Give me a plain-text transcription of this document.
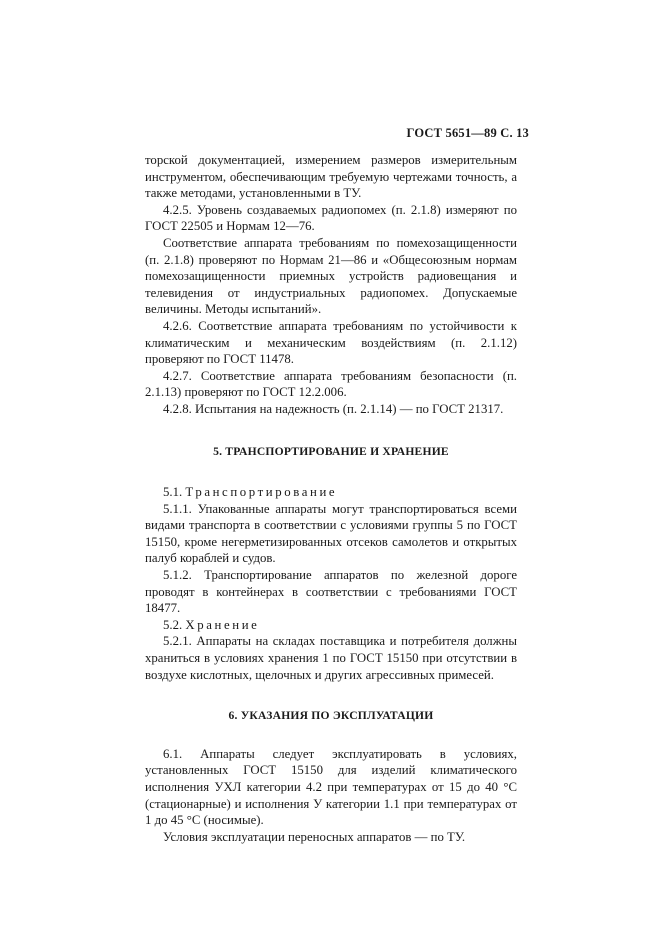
ГОСТ 5651—89 С. 13

торской документацией, измерением размеров измерительным инструментом, обеспечивающим требуемую чертежами точность, а также методами, установленными в ТУ.

4.2.5. Уровень создаваемых радиопомех (п. 2.1.8) измеряют по ГОСТ 22505 и Нормам 12—76.

Соответствие аппарата требованиям по помехозащищенности (п. 2.1.8) проверяют по Нормам 21—86 и «Общесоюзным нормам помехозащищенности приемных устройств радиовещания и телевидения от индустриальных радиопомех. Допускаемые величины. Методы испытаний».

4.2.6. Соответствие аппарата требованиям по устойчивости к климатическим и механическим воздействиям (п. 2.1.12) проверяют по ГОСТ 11478.

4.2.7. Соответствие аппарата требованиям безопасности (п. 2.1.13) проверяют по ГОСТ 12.2.006.

4.2.8. Испытания на надежность (п. 2.1.14) — по ГОСТ 21317.

5. ТРАНСПОРТИРОВАНИЕ И ХРАНЕНИЕ

5.1. Транспортирование

5.1.1. Упакованные аппараты могут транспортироваться всеми видами транспорта в соответствии с условиями группы 5 по ГОСТ 15150, кроме негерметизированных отсеков самолетов и открытых палуб кораблей и судов.

5.1.2. Транспортирование аппаратов по железной дороге проводят в контейнерах в соответствии с требованиями ГОСТ 18477.

5.2. Хранение

5.2.1. Аппараты на складах поставщика и потребителя должны храниться в условиях хранения 1 по ГОСТ 15150 при отсутствии в воздухе кислотных, щелочных и других агрессивных примесей.

6. УКАЗАНИЯ ПО ЭКСПЛУАТАЦИИ

6.1. Аппараты следует эксплуатировать в условиях, установленных ГОСТ 15150 для изделий климатического исполнения УХЛ категории 4.2 при температурах от 15 до 40 °С (стационарные) и исполнения У категории 1.1 при температурах от 1 до 45 °С (носимые).

Условия эксплуатации переносных аппаратов — по ТУ.
